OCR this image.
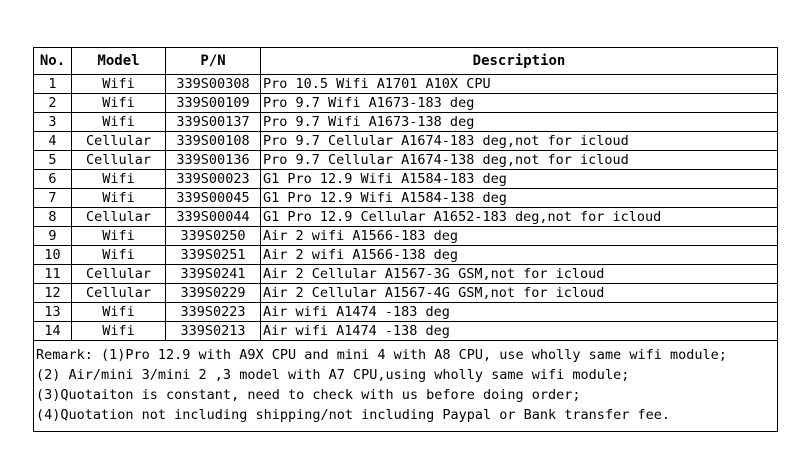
No.	Model	P/N	Description
1	Wifi	339S00308	Pro 10.5 Wifi A1701 A10X CPU
2	Wifi	339S00109	Pro 9.7 Wifi A1673-183 deg
3	Wifi	339S00137	Pro 9.7 Wifi A1673-138 deg
4	Cellular	339S00108	Pro 9.7 Cellular A1674-183 deg,not for icloud
5	Cellular	339S00136	Pro 9.7 Cellular A1674-138 deg,not for icloud
6	Wifi	339S00023	G1 Pro 12.9 Wifi A1584-183 deg
7	Wifi	339S00045	G1 Pro 12.9 Wifi A1584-138 deg
8	Cellular	339S00044	G1 Pro 12.9 Cellular A1652-183 deg,not for icloud
9	Wifi	339S0250	Air 2 wifi A1566-183 deg
10	Wifi	339S0251	Air 2 wifi A1566-138 deg
11	Cellular	339S0241	Air 2 Cellular A1567-3G GSM,not for icloud
12	Cellular	339S0229	Air 2 Cellular A1567-4G GSM,not for icloud
13	Wifi	339S0223	Air wifi A1474 -183 deg
14	Wifi	339S0213	Air wifi A1474 -138 deg

Remark: (1)Pro 12.9 with A9X CPU and mini 4 with A8 CPU, use wholly same wifi module;
(2) Air/mini 3/mini 2 ,3 model with A7 CPU,using wholly same wifi module;
(3)Quotaiton is constant, need to check with us before doing order;
(4)Quotation not including shipping/not including Paypal or Bank transfer fee.			
